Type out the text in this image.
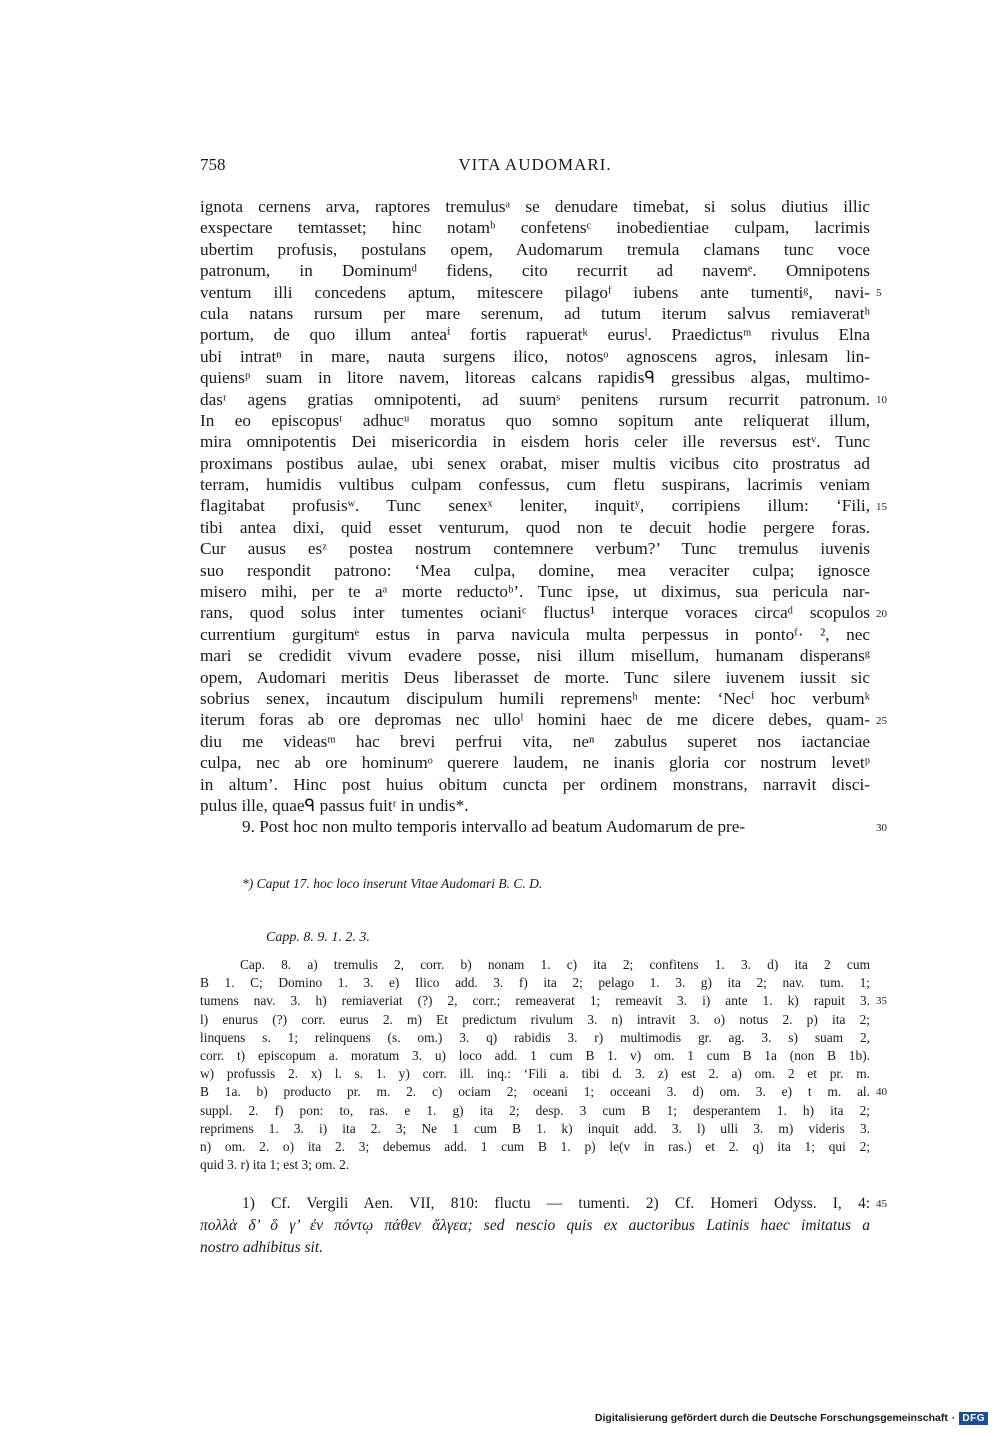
758	VITA AUDOMARI.
ignota cernens arva, raptores tremulusᵃ se denudare timebat, si solus diutius illic
exspectare temtasset; hinc notamᵇ confetensᶜ inobedientiae culpam, lacrimis
ubertim profusis, postulans opem, Audomarum tremula clamans tunc voce
patronum, in Dominumᵈ fidens, cito recurrit ad navemᵉ. Omnipotens
ventum illi concedens aptum, mitescere pilagoᶠ iubens ante tumentiᵍ, navi-
cula natans rursum per mare serenum, ad tutum iterum salvus remiaveratʰ
portum, de quo illum anteaⁱ fortis rapueratᵏ eurusˡ. Praedictusᵐ rivulus Elna
ubi intratⁿ in mare, nauta surgens ilico, notosᵒ agnoscens agros, inlesam lin-
quiensᵖ suam in litore navem, litoreas calcans rapidisᑫ gressibus algas, multimo-
dasʳ agens gratias omnipotenti, ad suumˢ penitens rursum recurrit patronum.
In eo episcopusᵗ adhucᵘ moratus quo somno sopitum ante reliquerat illum,
mira omnipotentis Dei misericordia in eisdem horis celer ille reversus estᵛ. Tunc
proximans postibus aulae, ubi senex orabat, miser multis vicibus cito prostratus ad
terram, humidis vultibus culpam confessus, cum fletu suspirans, lacrimis veniam
flagitabat profusisʷ. Tunc senexˣ leniter, inquitʸ, corripiens illum: ‘Fili,
tibi antea dixi, quid esset venturum, quod non te decuit hodie pergere foras.
Cur ausus esᶻ postea nostrum contemnere verbum?’ Tunc tremulus iuvenis
suo respondit patrono: ‘Mea culpa, domine, mea veraciter culpa; ignosce
misero mihi, per te aᵃ morte reductoᵇ’. Tunc ipse, ut diximus, sua pericula nar-
rans, quod solus inter tumentes ocianiᶜ fluctus¹ interque voraces circaᵈ scopulos
currentium gurgitumᵉ estus in parva navicula multa perpessus in pontoᶠ· ², nec
mari se credidit vivum evadere posse, nisi illum misellum, humanam disperansᵍ
opem, Audomari meritis Deus liberasset de morte. Tunc silere iuvenem iussit sic
sobrius senex, incautum discipulum humili repremensʰ mente: ‘Necⁱ hoc verbumᵏ
iterum foras ab ore depromas nec ulloˡ homini haec de me dicere debes, quam-
diu me videasᵐ hac brevi perfrui vita, neⁿ zabulus superet nos iactanciae
culpa, nec ab ore hominumᵒ querere laudem, ne inanis gloria cor nostrum levetᵖ
in altum’. Hinc post huius obitum cuncta per ordinem monstrans, narravit disci-
pulus ille, quaeᑫ passus fuitʳ in undis*.
9. Post hoc non multo temporis intervallo ad beatum Audomarum de pre-
5
10
15
20
25
30
35
40
45
*) Caput 17. hoc loco inserunt Vitae Audomari B. C. D.
Capp. 8. 9. 1. 2. 3.
Cap. 8. a) tremulis 2, corr. b) nonam 1. c) ita 2; confitens 1. 3. d) ita 2 cum
B 1. C; Domino 1. 3. e) Ilico add. 3. f) ita 2; pelago 1. 3. g) ita 2; nav. tum. 1;
tumens nav. 3. h) remiaveriat (?) 2, corr.; remeaverat 1; remeavit 3. i) ante 1. k) rapuit 3.
l) enurus (?) corr. eurus 2. m) Et predictum rivulum 3. n) intravit 3. o) notus 2. p) ita 2;
linquens s. 1; relinquens (s. om.) 3. q) rabidis 3. r) multimodis gr. ag. 3. s) suam 2,
corr. t) episcopum a. moratum 3. u) loco add. 1 cum B 1. v) om. 1 cum B 1a (non B 1b).
w) profussis 2. x) l. s. 1. y) corr. ill. inq.: ‘Fili a. tibi d. 3. z) est 2. a) om. 2 et pr. m.
B 1a. b) producto pr. m. 2. c) ociam 2; oceani 1; occeani 3. d) om. 3. e) t m. al.
suppl. 2. f) pon: to, ras. e 1. g) ita 2; desp. 3 cum B 1; desperantem 1. h) ita 2;
reprimens 1. 3. i) ita 2. 3; Ne 1 cum B 1. k) inquit add. 3. l) ulli 3. m) videris 3.
n) om. 2. o) ita 2. 3; debemus add. 1 cum B 1. p) le(v in ras.) et 2. q) ita 1; qui 2;
quid 3. r) ita 1; est 3; om. 2.
1) Cf. Vergili Aen. VII, 810: fluctu — tumenti. 2) Cf. Homeri Odyss. I, 4:
πολλὰ δ’ ὅ γ’ ἐν πόντῳ πάθεν ἄλγεα; sed nescio quis ex auctoribus Latinis haec imitatus a
nostro adhibitus sit.
Digitalisierung gefördert durch die Deutsche Forschungsgemeinschaft · DFG
